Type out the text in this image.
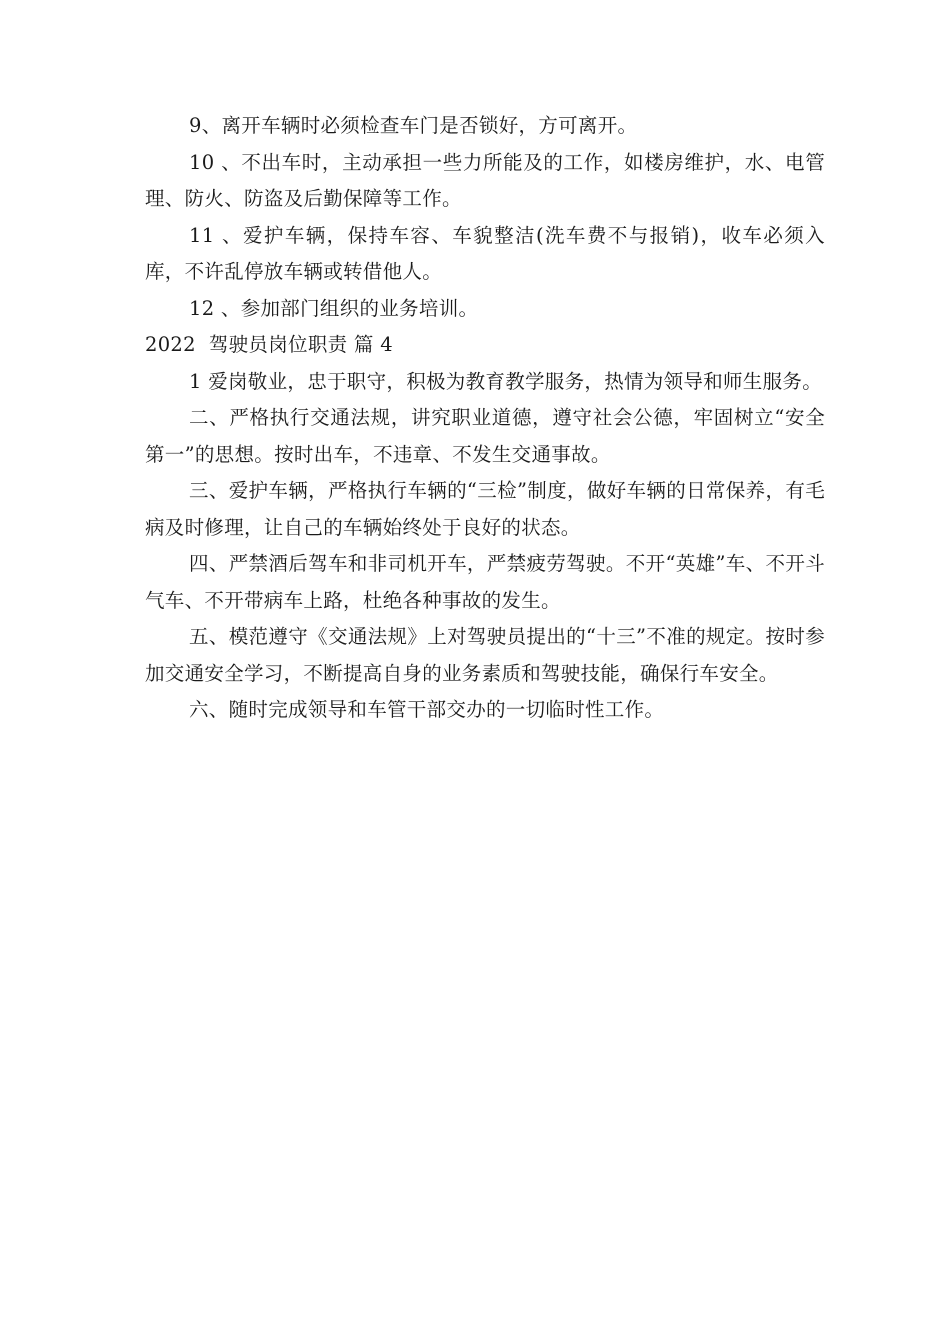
9、离开车辆时必须检查车门是否锁好，方可离开。

10 、不出车时，主动承担一些力所能及的工作，如楼房维护，水、电管理、防火、防盗及后勤保障等工作。

11 、爱护车辆，保持车容、车貌整洁(洗车费不与报销)，收车必须入库，不许乱停放车辆或转借他人。

12 、参加部门组织的业务培训。

2022  驾驶员岗位职责 篇 4

1 爱岗敬业，忠于职守，积极为教育教学服务，热情为领导和师生服务。

二、严格执行交通法规，讲究职业道德，遵守社会公德，牢固树立“安全第一”的思想。按时出车，不违章、不发生交通事故。

三、爱护车辆，严格执行车辆的“三检”制度，做好车辆的日常保养，有毛病及时修理，让自己的车辆始终处于良好的状态。

四、严禁酒后驾车和非司机开车，严禁疲劳驾驶。不开“英雄”车、不开斗气车、不开带病车上路，杜绝各种事故的发生。

五、模范遵守《交通法规》上对驾驶员提出的“十三”不准的规定。按时参加交通安全学习，不断提高自身的业务素质和驾驶技能，确保行车安全。

六、随时完成领导和车管干部交办的一切临时性工作。
